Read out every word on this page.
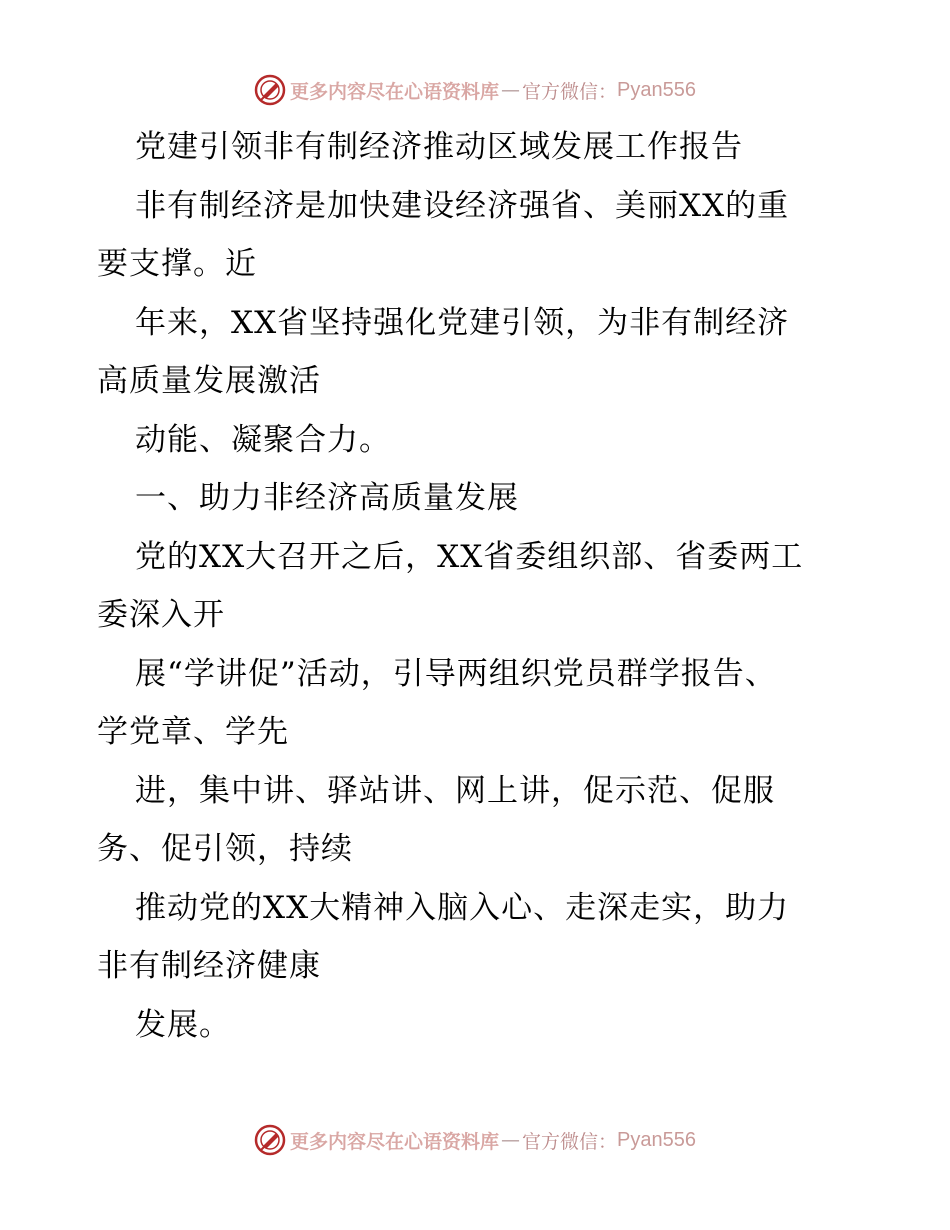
更多内容尽在心语资料库 — 官方微信： Pyan556
党建引领非有制经济推动区域发展工作报告
非有制经济是加快建设经济强省、美丽XX的重
要支撑。近
年来，XX省坚持强化党建引领，为非有制经济
高质量发展激活
动能、凝聚合力。
一、助力非经济高质量发展
党的XX大召开之后，XX省委组织部、省委两工
委深入开
展“学讲促”活动，引导两组织党员群学报告、
学党章、学先
进，集中讲、驿站讲、网上讲，促示范、促服
务、促引领，持续
推动党的XX大精神入脑入心、走深走实，助力
非有制经济健康
发展。
更多内容尽在心语资料库 — 官方微信： Pyan556
